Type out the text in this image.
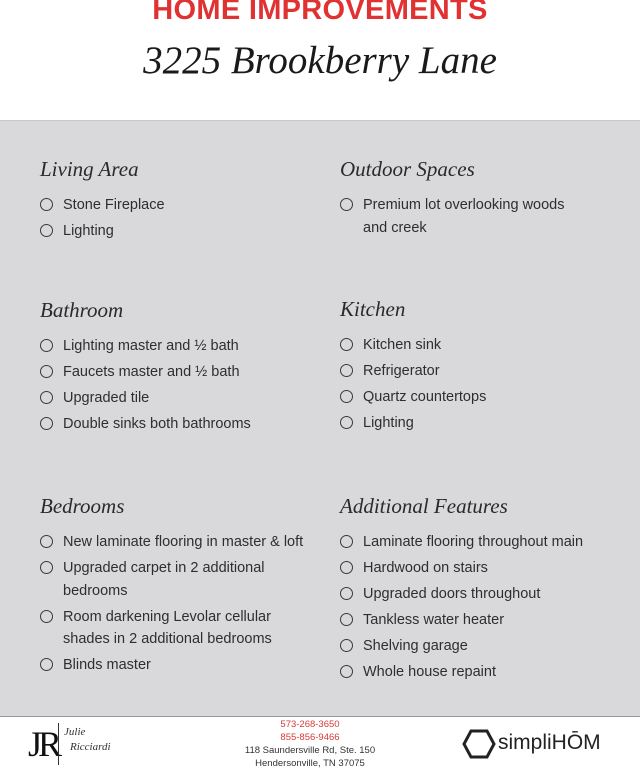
HOME IMPROVEMENTS
3225 Brookberry Lane
Living Area
Stone Fireplace
Lighting
Outdoor Spaces
Premium lot overlooking woods and creek
Bathroom
Lighting master and ½ bath
Faucets master and ½ bath
Upgraded tile
Double sinks both bathrooms
Kitchen
Kitchen sink
Refrigerator
Quartz countertops
Lighting
Bedrooms
New laminate flooring in master & loft
Upgraded carpet in 2 additional bedrooms
Room darkening Levolar cellular shades in 2 additional bedrooms
Blinds master
Additional Features
Laminate flooring throughout main
Hardwood on stairs
Upgraded doors throughout
Tankless water heater
Shelving garage
Whole house repaint
JR Julie
Ricciardi
573-268-3650
855-856-9466
118 Saundersville Rd, Ste. 150
Hendersonville, TN 37075
simpliHŌM
